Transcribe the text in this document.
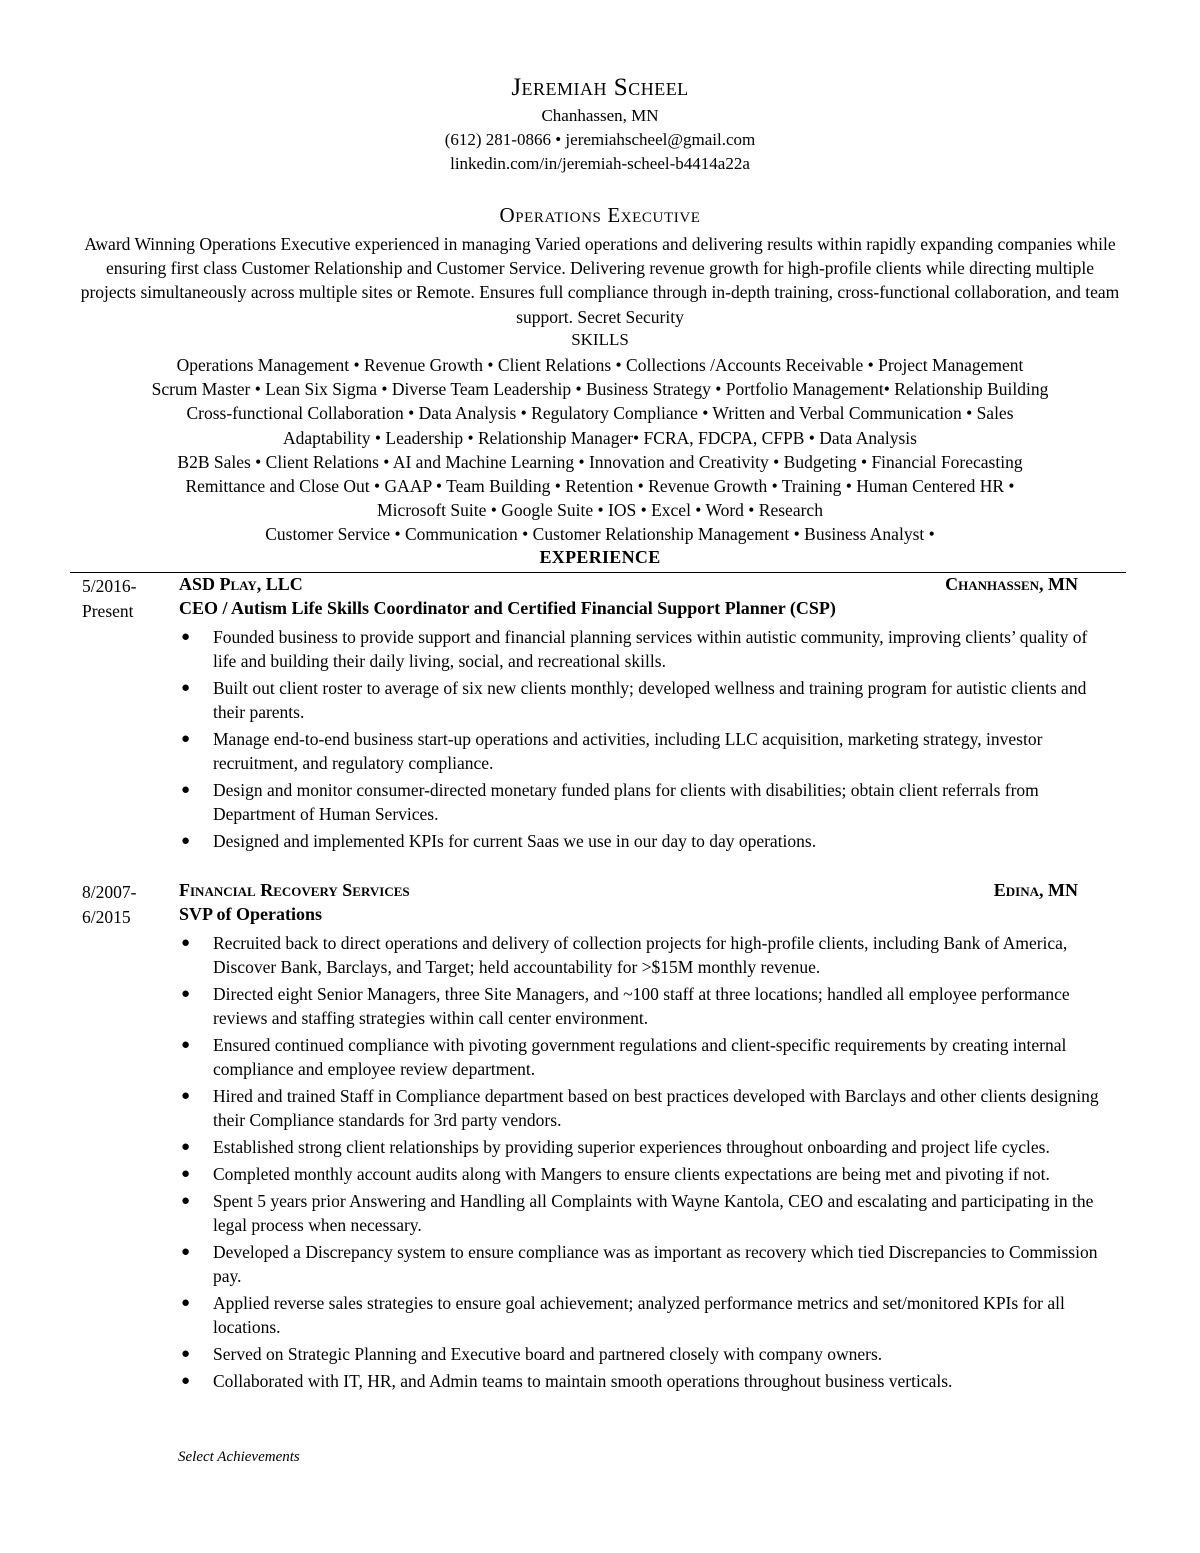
Jeremiah Scheel
Chanhassen, MN
(612) 281-0866 • jeremiahscheel@gmail.com
linkedin.com/in/jeremiah-scheel-b4414a22a
Operations Executive
Award Winning Operations Executive experienced in managing Varied operations and delivering results within rapidly expanding companies while ensuring first class Customer Relationship and Customer Service. Delivering revenue growth for high-profile clients while directing multiple projects simultaneously across multiple sites or Remote. Ensures full compliance through in-depth training, cross-functional collaboration, and team support. Secret Security
SKILLS
Operations Management • Revenue Growth • Client Relations • Collections /Accounts Receivable • Project Management
Scrum Master • Lean Six Sigma • Diverse Team Leadership • Business Strategy • Portfolio Management• Relationship Building
Cross-functional Collaboration • Data Analysis • Regulatory Compliance • Written and Verbal Communication • Sales
Adaptability • Leadership • Relationship Manager• FCRA, FDCPA, CFPB • Data Analysis
B2B Sales • Client Relations • AI and Machine Learning • Innovation and Creativity • Budgeting • Financial Forecasting
Remittance and Close Out • GAAP • Team Building • Retention • Revenue Growth • Training • Human Centered HR •
Microsoft Suite • Google Suite • IOS • Excel • Word • Research
Customer Service • Communication • Customer Relationship Management • Business Analyst •
EXPERIENCE
5/2016-
Present
ASD Play, LLC	Chanhassen, MN
CEO / Autism Life Skills Coordinator and Certified Financial Support Planner (CSP)
● Founded business to provide support and financial planning services within autistic community, improving clients’ quality of life and building their daily living, social, and recreational skills.
● Built out client roster to average of six new clients monthly; developed wellness and training program for autistic clients and their parents.
● Manage end-to-end business start-up operations and activities, including LLC acquisition, marketing strategy, investor recruitment, and regulatory compliance.
● Design and monitor consumer-directed monetary funded plans for clients with disabilities; obtain client referrals from Department of Human Services.
● Designed and implemented KPIs for current Saas we use in our day to day operations.
8/2007-
6/2015
Financial Recovery Services	Edina, MN
SVP of Operations
● Recruited back to direct operations and delivery of collection projects for high-profile clients, including Bank of America, Discover Bank, Barclays, and Target; held accountability for >$15M monthly revenue.
● Directed eight Senior Managers, three Site Managers, and ~100 staff at three locations; handled all employee performance reviews and staffing strategies within call center environment.
● Ensured continued compliance with pivoting government regulations and client-specific requirements by creating internal compliance and employee review department.
● Hired and trained Staff in Compliance department based on best practices developed with Barclays and other clients designing their Compliance standards for 3rd party vendors.
● Established strong client relationships by providing superior experiences throughout onboarding and project life cycles.
● Completed monthly account audits along with Mangers to ensure clients expectations are being met and pivoting if not.
● Spent 5 years prior Answering and Handling all Complaints with Wayne Kantola, CEO and escalating and participating in the legal process when necessary.
● Developed a Discrepancy system to ensure compliance was as important as recovery which tied Discrepancies to Commission pay.
● Applied reverse sales strategies to ensure goal achievement; analyzed performance metrics and set/monitored KPIs for all locations.
● Served on Strategic Planning and Executive board and partnered closely with company owners.
● Collaborated with IT, HR, and Admin teams to maintain smooth operations throughout business verticals.
Select Achievements
